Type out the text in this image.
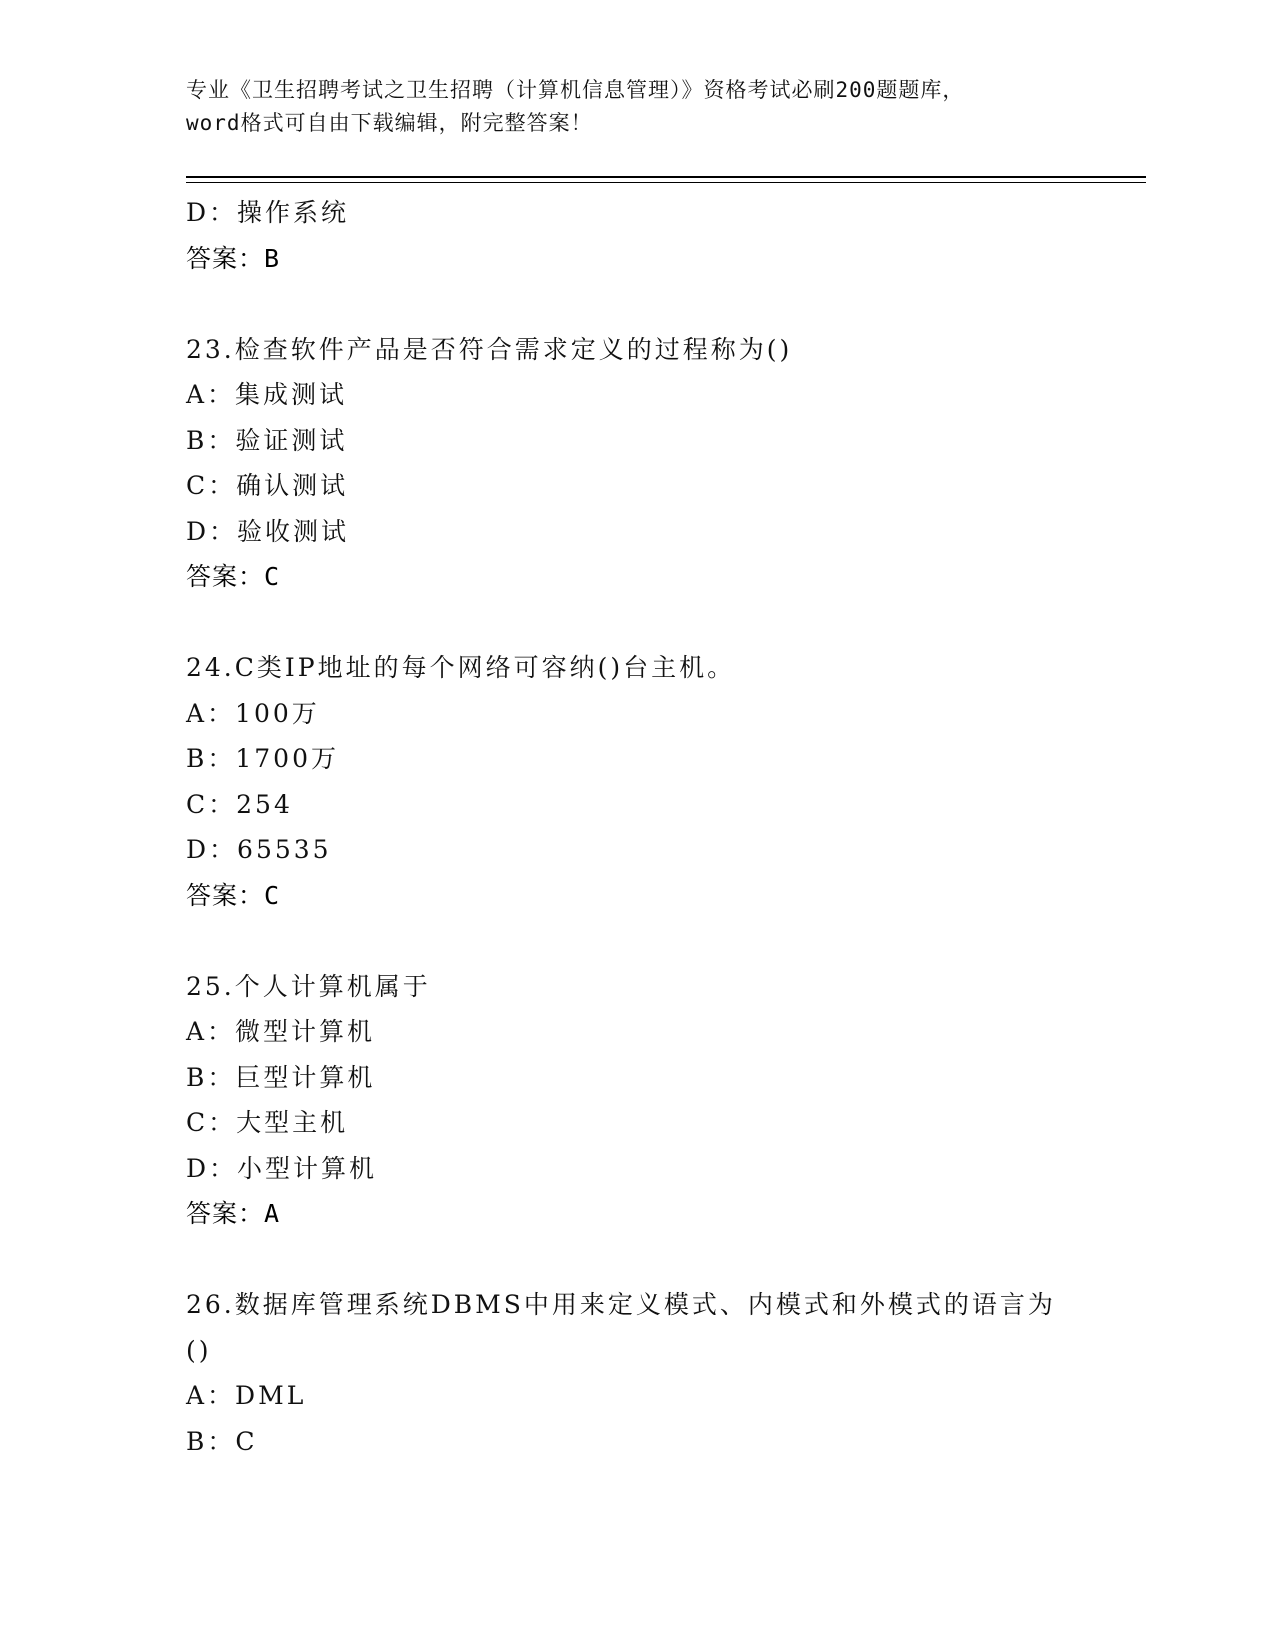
专业《卫生招聘考试之卫生招聘（计算机信息管理）》资格考试必刷200题题库，
word格式可自由下载编辑，附完整答案！
D：操作系统
答案：B
23.检查软件产品是否符合需求定义的过程称为()
A：集成测试
B：验证测试
C：确认测试
D：验收测试
答案：C
24.C类IP地址的每个网络可容纳()台主机。
A：100万
B：1700万
C：254
D：65535
答案：C
25.个人计算机属于
A：微型计算机
B：巨型计算机
C：大型主机
D：小型计算机
答案：A
26.数据库管理系统DBMS中用来定义模式、内模式和外模式的语言为
()
A：DML
B：C
